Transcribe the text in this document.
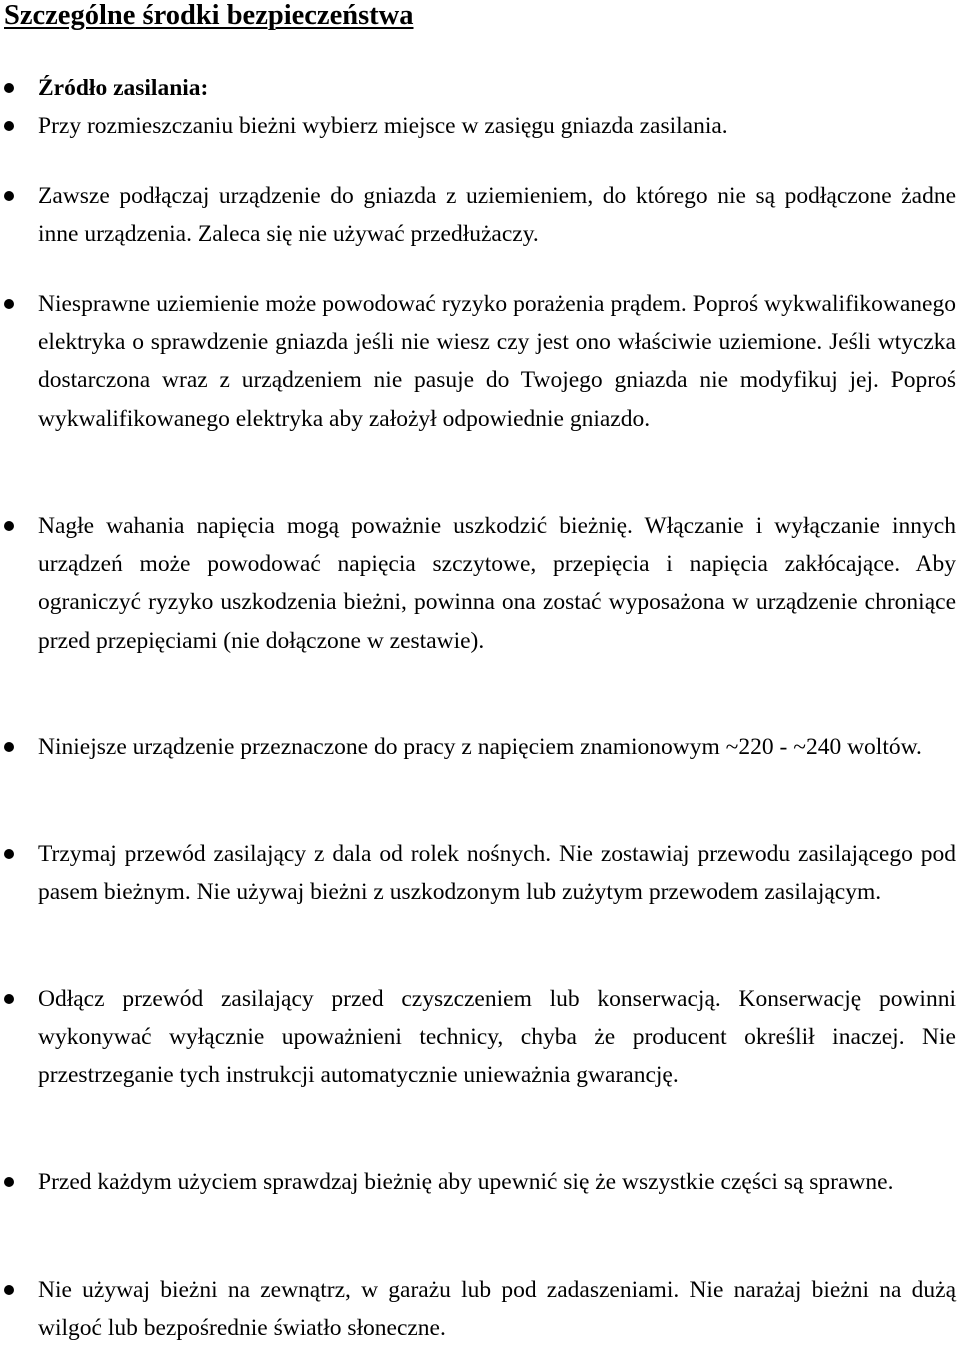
Szczególne środki bezpieczeństwa

Źródło zasilania:

Przy rozmieszczaniu bieżni wybierz miejsce w zasięgu gniazda zasilania.

Zawsze podłączaj urządzenie do gniazda z uziemieniem, do którego nie są podłączone żadne inne urządzenia. Zaleca się nie używać przedłużaczy.

Niesprawne uziemienie może powodować ryzyko porażenia prądem. Poproś wykwalifikowanego elektryka o sprawdzenie gniazda jeśli nie wiesz czy jest ono właściwie uziemione. Jeśli wtyczka dostarczona wraz z urządzeniem nie pasuje do Twojego gniazda nie modyfikuj jej. Poproś wykwalifikowanego elektryka aby założył odpowiednie gniazdo.

Nagłe wahania napięcia mogą poważnie uszkodzić bieżnię. Włączanie i wyłączanie innych urządzeń może powodować napięcia szczytowe, przepięcia i napięcia zakłócające. Aby ograniczyć ryzyko uszkodzenia bieżni, powinna ona zostać wyposażona w urządzenie chroniące przed przepięciami (nie dołączone w zestawie).

Niniejsze urządzenie przeznaczone do pracy z napięciem znamionowym ~220 - ~240 woltów.

Trzymaj przewód zasilający z dala od rolek nośnych. Nie zostawiaj przewodu zasilającego pod pasem bieżnym. Nie używaj bieżni z uszkodzonym lub zużytym przewodem zasilającym.

Odłącz przewód zasilający przed czyszczeniem lub konserwacją. Konserwację powinni wykonywać wyłącznie upoważnieni technicy, chyba że producent określił inaczej. Nie przestrzeganie tych instrukcji automatycznie unieważnia gwarancję.

Przed każdym użyciem sprawdzaj bieżnię aby upewnić się że wszystkie części są sprawne.

Nie używaj bieżni na zewnątrz, w garażu lub pod zadaszeniami. Nie narażaj bieżni na dużą wilgoć lub bezpośrednie światło słoneczne.
